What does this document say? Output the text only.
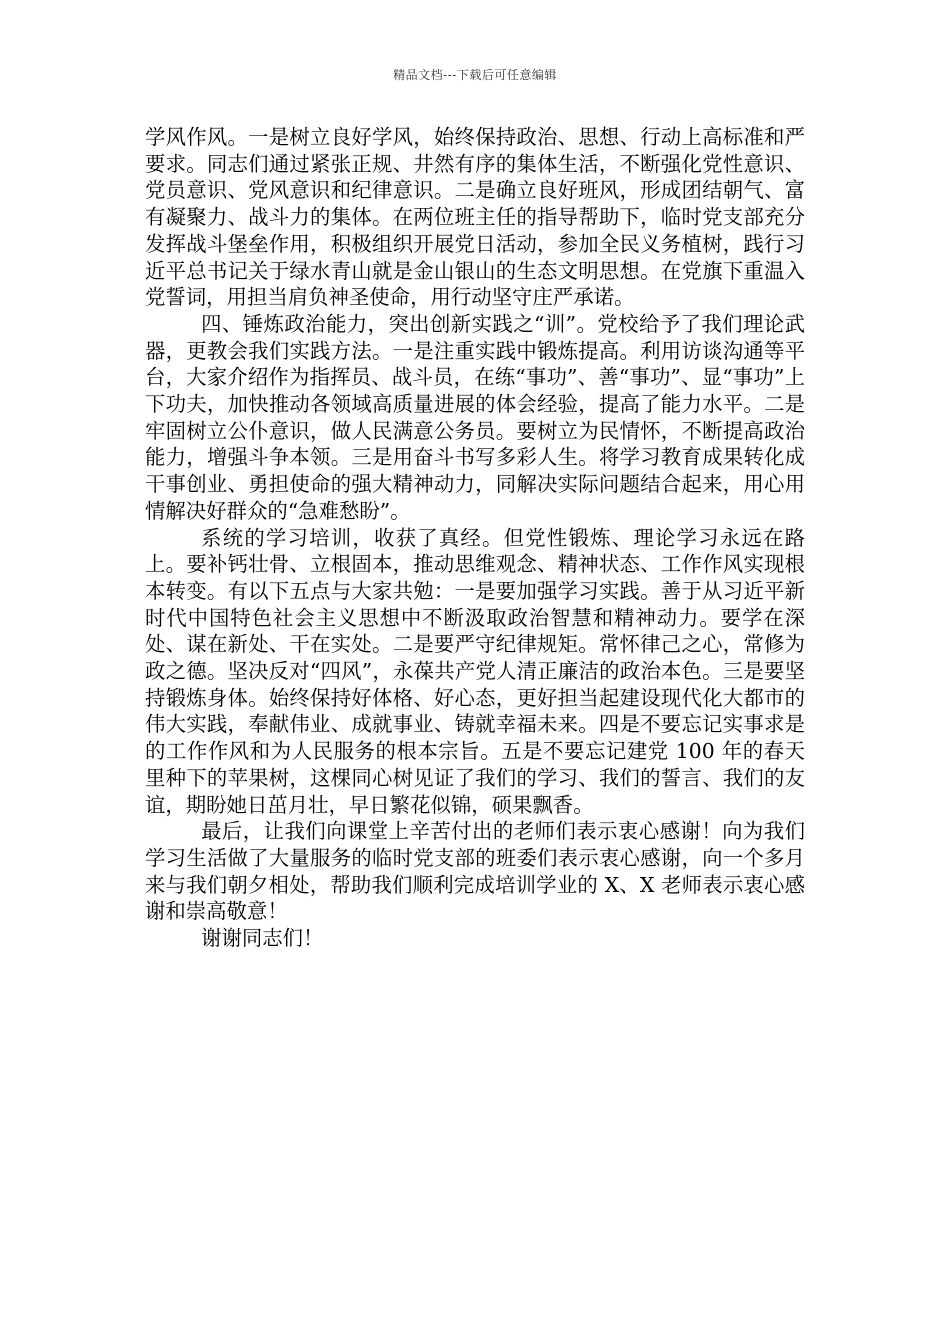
精品文档---下载后可任意编辑

学风作风。一是树立良好学风，始终保持政治、思想、行动上高标准和严要求。同志们通过紧张正规、井然有序的集体生活，不断强化党性意识、党员意识、党风意识和纪律意识。二是确立良好班风，形成团结朝气、富有凝聚力、战斗力的集体。在两位班主任的指导帮助下，临时党支部充分发挥战斗堡垒作用，积极组织开展党日活动，参加全民义务植树，践行习近平总书记关于绿水青山就是金山银山的生态文明思想。在党旗下重温入党誓词，用担当肩负神圣使命，用行动坚守庄严承诺。

四、锤炼政治能力，突出创新实践之“训”。党校给予了我们理论武器，更教会我们实践方法。一是注重实践中锻炼提高。利用访谈沟通等平台，大家介绍作为指挥员、战斗员，在练“事功”、善“事功”、显“事功”上下功夫，加快推动各领域高质量进展的体会经验，提高了能力水平。二是牢固树立公仆意识，做人民满意公务员。要树立为民情怀，不断提高政治能力，增强斗争本领。三是用奋斗书写多彩人生。将学习教育成果转化成干事创业、勇担使命的强大精神动力，同解决实际问题结合起来，用心用情解决好群众的“急难愁盼”。

系统的学习培训，收获了真经。但党性锻炼、理论学习永远在路上。要补钙壮骨、立根固本，推动思维观念、精神状态、工作作风实现根本转变。有以下五点与大家共勉：一是要加强学习实践。善于从习近平新时代中国特色社会主义思想中不断汲取政治智慧和精神动力。要学在深处、谋在新处、干在实处。二是要严守纪律规矩。常怀律己之心，常修为政之德。坚决反对“四风”，永葆共产党人清正廉洁的政治本色。三是要坚持锻炼身体。始终保持好体格、好心态，更好担当起建设现代化大都市的伟大实践，奉献伟业、成就事业、铸就幸福未来。四是不要忘记实事求是的工作作风和为人民服务的根本宗旨。五是不要忘记建党 100 年的春天里种下的苹果树，这棵同心树见证了我们的学习、我们的誓言、我们的友谊，期盼她日茁月壮，早日繁花似锦，硕果飘香。

最后，让我们向课堂上辛苦付出的老师们表示衷心感谢！向为我们学习生活做了大量服务的临时党支部的班委们表示衷心感谢，向一个多月来与我们朝夕相处，帮助我们顺利完成培训学业的 X、X 老师表示衷心感谢和崇高敬意！

谢谢同志们！
